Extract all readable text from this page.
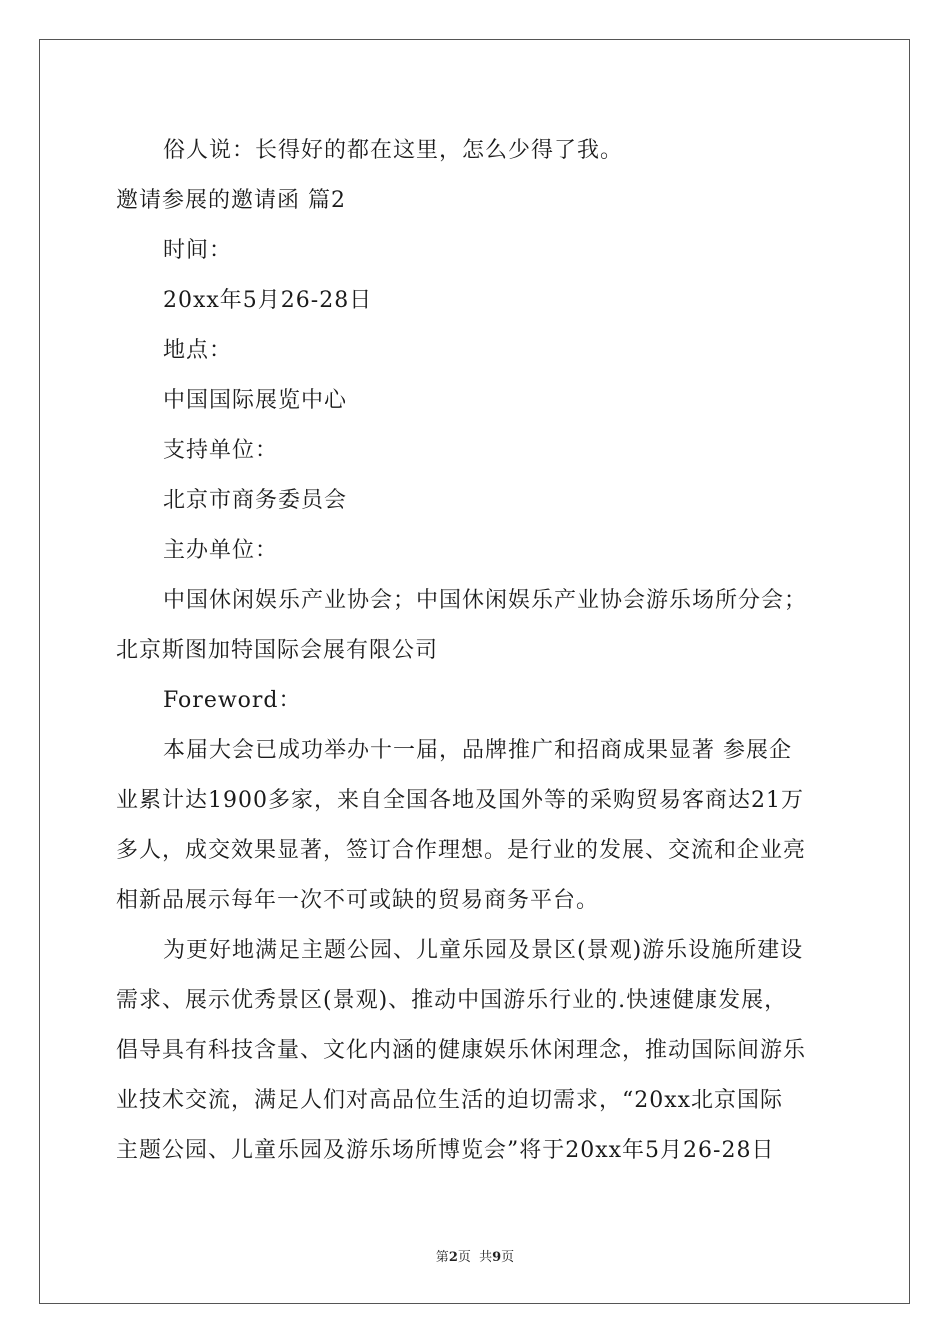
俗人说：长得好的都在这里，怎么少得了我。

邀请参展的邀请函 篇2

时间：

20xx年5月26-28日

地点：

中国国际展览中心

支持单位：

北京市商务委员会

主办单位：

中国休闲娱乐产业协会；中国休闲娱乐产业协会游乐场所分会；

北京斯图加特国际会展有限公司

Foreword：

本届大会已成功举办十一届，品牌推广和招商成果显著 参展企

业累计达1900多家，来自全国各地及国外等的采购贸易客商达21万

多人，成交效果显著，签订合作理想。是行业的发展、交流和企业亮

相新品展示每年一次不可或缺的贸易商务平台。

为更好地满足主题公园、儿童乐园及景区(景观)游乐设施所建设

需求、展示优秀景区(景观)、推动中国游乐行业的.快速健康发展，

倡导具有科技含量、文化内涵的健康娱乐休闲理念，推动国际间游乐

业技术交流，满足人们对高品位生活的迫切需求，“20xx北京国际

主题公园、儿童乐园及游乐场所博览会”将于20xx年5月26-28日

第2页  共9页
